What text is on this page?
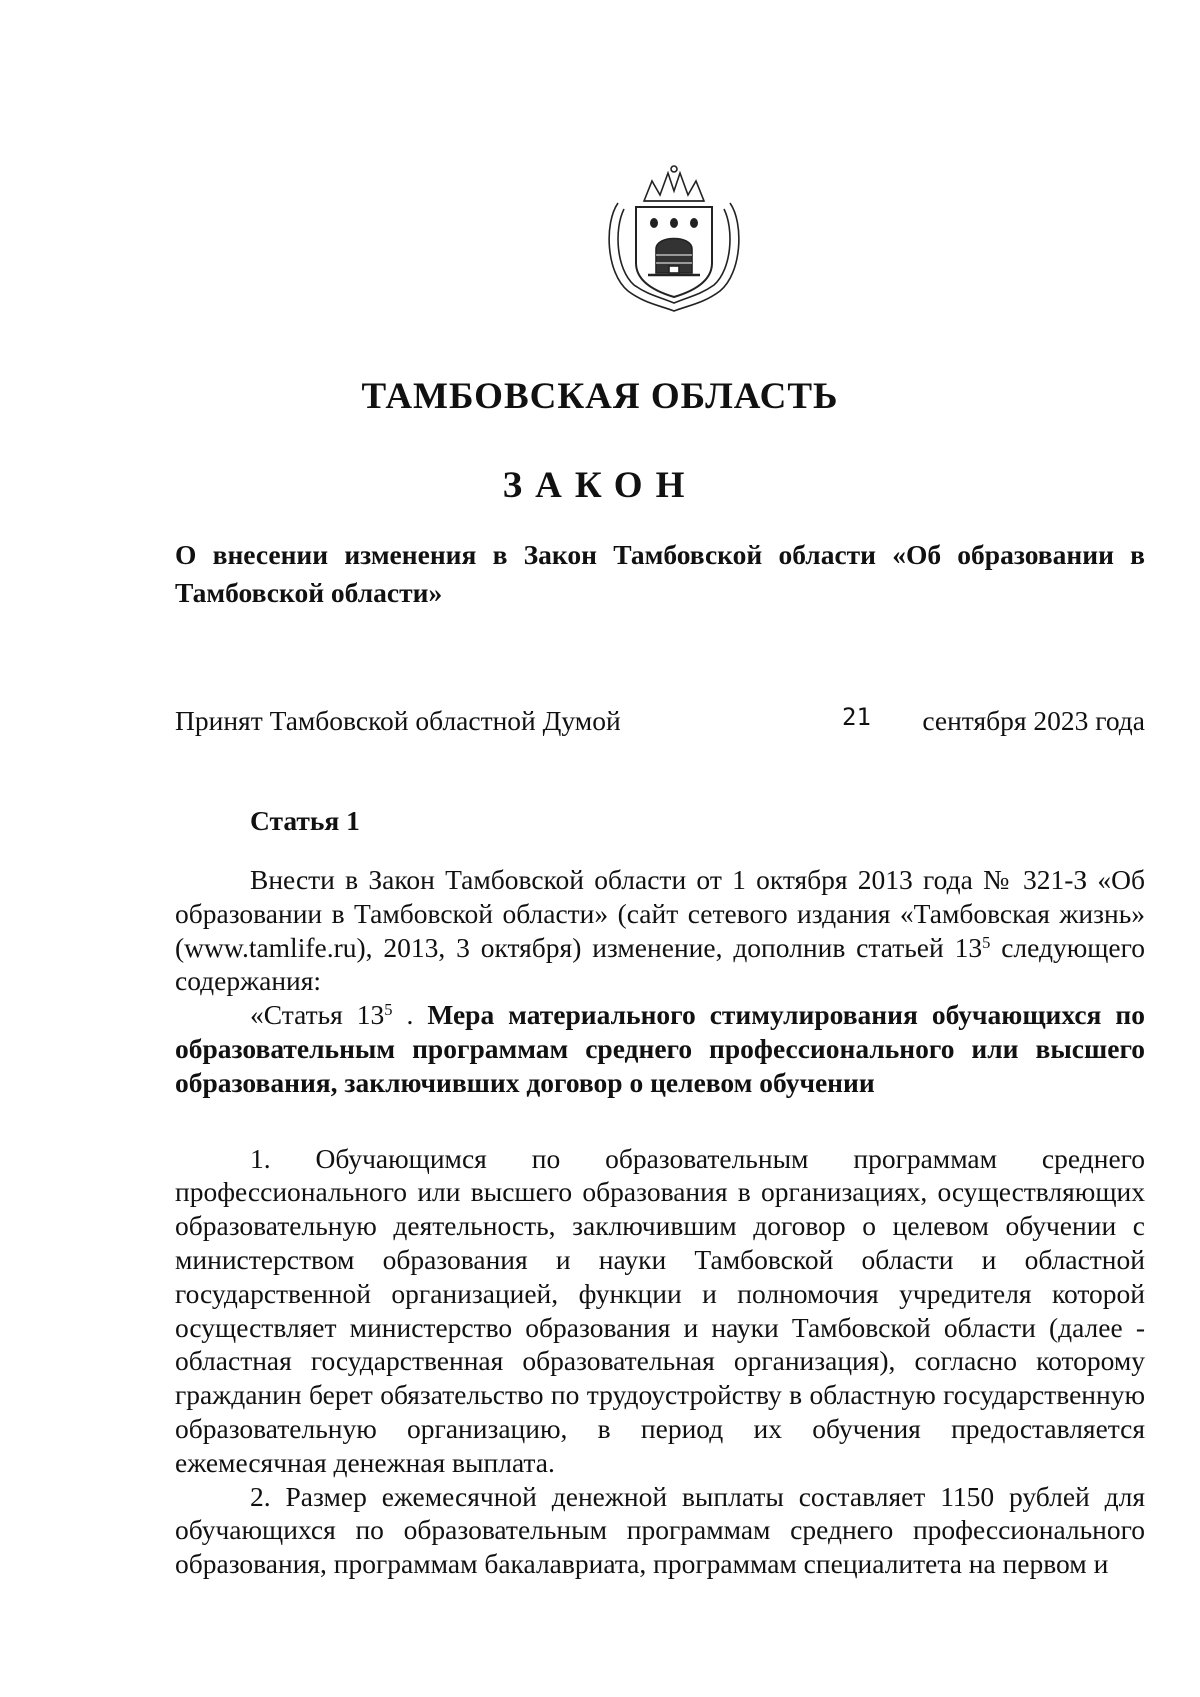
ТАМБОВСКАЯ ОБЛАСТЬ
ЗАКОН
О внесении изменения в Закон Тамбовской области «Об образовании в Тамбовской области»
Принят Тамбовской областной Думой	21 сентября 2023 года
Статья 1

Внести в Закон Тамбовской области от 1 октября 2013 года № 321-З «Об образовании в Тамбовской области» (сайт сетевого издания «Тамбовская жизнь» (www.tamlife.ru), 2013, 3 октября) изменение, дополнив статьей $13^5$ следующего содержания:

«Статья $13^5$ . Мера материального стимулирования обучающихся по образовательным программам среднего профессионального или высшего образования, заключивших договор о целевом обучении

1. Обучающимся по образовательным программам среднего профессионального или высшего образования в организациях, осуществляющих образовательную деятельность, заключившим договор о целевом обучении с министерством образования и науки Тамбовской области и областной государственной организацией, функции и полномочия учредителя которой осуществляет министерство образования и науки Тамбовской области (далее - областная государственная образовательная организация), согласно которому гражданин берет обязательство по трудоустройству в областную государственную образовательную организацию, в период их обучения предоставляется ежемесячная денежная выплата.

2. Размер ежемесячной денежной выплаты составляет 1150 рублей для обучающихся по образовательным программам среднего профессионального образования, программам бакалавриата, программам специалитета на первом и
